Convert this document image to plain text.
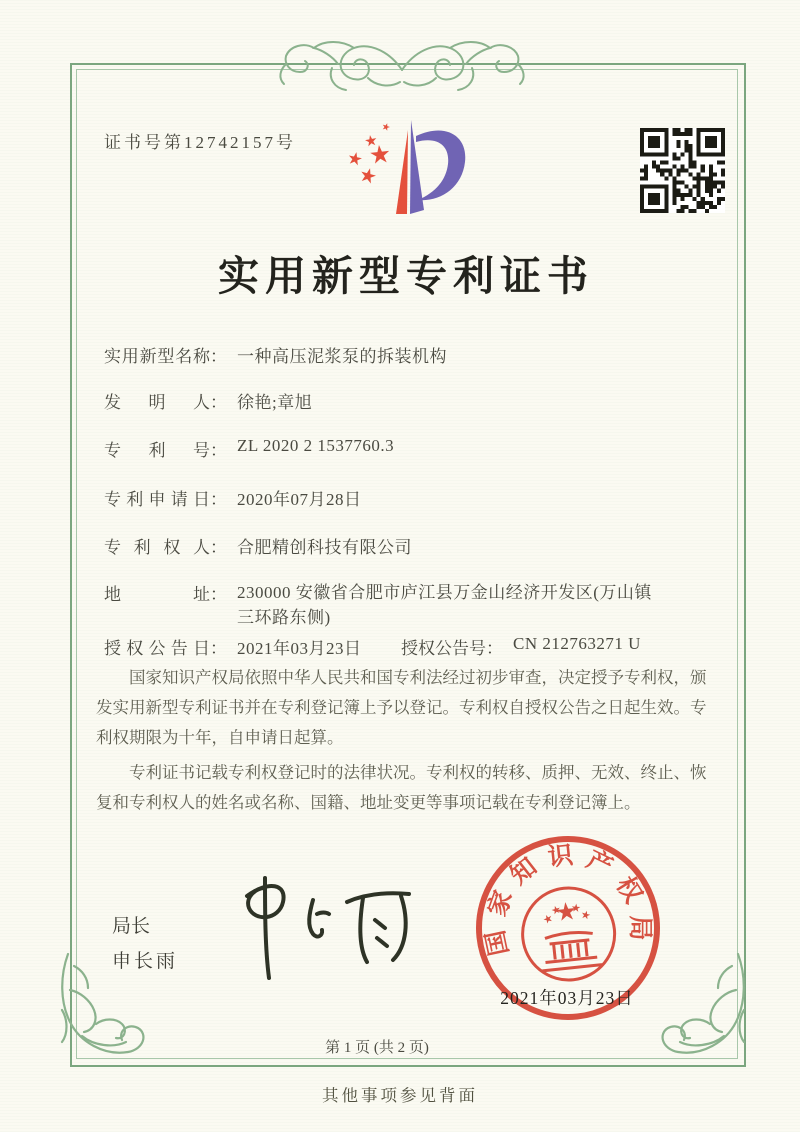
证书号第12742157号
实用新型专利证书
实用新型名称 ： 一种高压泥浆泵的拆装机构
发明人 ： 徐艳;章旭
专利号 ： ZL 2020 2 1537760.3
专利申请日 ： 2020年07月28日
专利权人 ： 合肥精创科技有限公司
地址 ： 230000 安徽省合肥市庐江县万金山经济开发区(万山镇三环路东侧)
授权公告日 ： 2021年03月23日 授权公告号 ： CN 212763271 U

国家知识产权局依照中华人民共和国专利法经过初步审查，决定授予专利权，颁发实用新型专利证书并在专利登记簿上予以登记。专利权自授权公告之日起生效。专利权期限为十年，自申请日起算。

专利证书记载专利权登记时的法律状况。专利权的转移、质押、无效、终止、恢复和专利权人的姓名或名称、国籍、地址变更等事项记载在专利登记簿上。

局长
申长雨
国
家
知 识 产
权
局
2021年03月23日
第 1 页 (共 2 页)
其他事项参见背面
